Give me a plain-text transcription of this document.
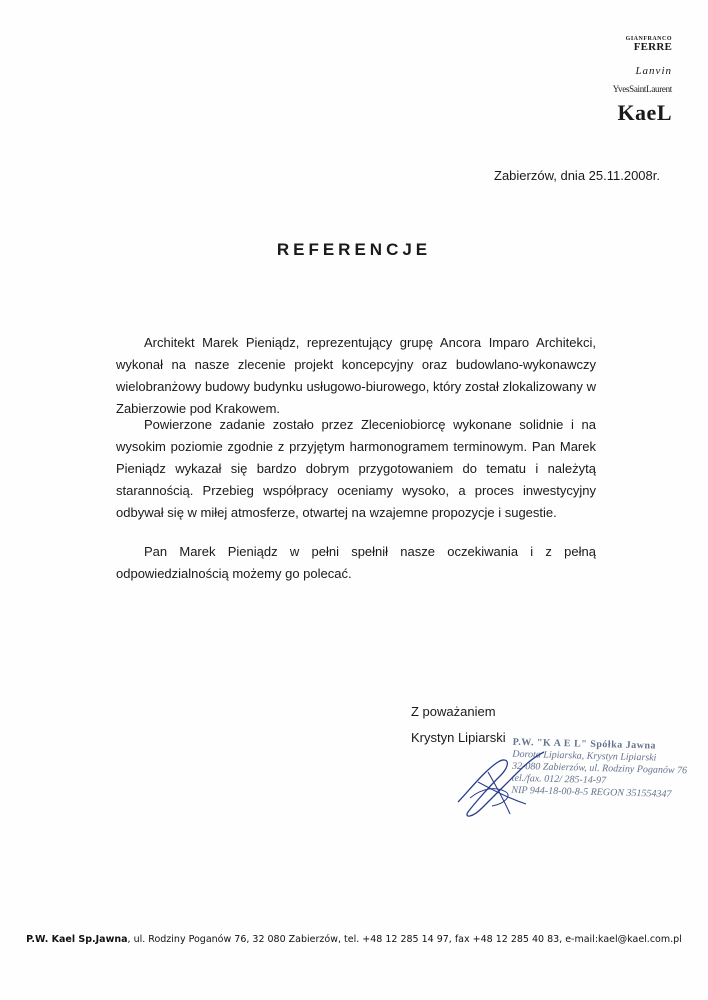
GIANFRANCO
FERRE
Lanvin
YvesSaintLaurent
KaeL
Zabierzów, dnia 25.11.2008r.
REFERENCJE

Architekt Marek Pieniądz, reprezentujący grupę Ancora Imparo Architekci, wykonał na nasze zlecenie projekt koncepcyjny oraz budowlano-wykonawczy wielobranżowy budowy budynku usługowo-biurowego, który został zlokalizowany w Zabierzowie pod Krakowem.

Powierzone zadanie zostało przez Zleceniobiorcę wykonane solidnie i na wysokim poziomie zgodnie z przyjętym harmonogramem terminowym. Pan Marek Pieniądz wykazał się bardzo dobrym przygotowaniem do tematu i należytą starannością. Przebieg współpracy oceniamy wysoko, a proces inwestycyjny odbywał się w miłej atmosferze, otwartej na wzajemne propozycje i sugestie.

Pan Marek Pieniądz w pełni spełnił nasze oczekiwania i z pełną odpowiedzialnością możemy go polecać.

Z poważaniem
Krystyn Lipiarski P.W. "K A E L" Spółka Jawna
Dorota Lipiarska, Krystyn Lipiarski
32-080 Zabierzów, ul. Rodziny Poganów 76
tel./fax. 012/ 285-14-97
NIP 944-18-00-8-5 REGON 351554347
P.W. Kael Sp.Jawna, ul. Rodziny Poganów 76, 32 080 Zabierzów, tel. +48 12 285 14 97, fax +48 12 285 40 83, e-mail:kael@kael.com.pl
